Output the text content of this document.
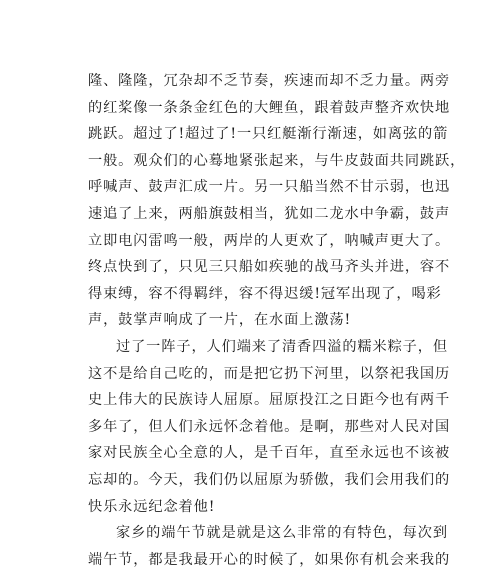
隆、隆隆，冗杂却不乏节奏，疾速而却不乏力量。两旁
的红桨像一条条金红色的大鲤鱼，跟着鼓声整齐欢快地
跳跃。超过了!超过了!一只红艇渐行渐速，如离弦的箭
一般。观众们的心蓦地紧张起来，与牛皮鼓面共同跳跃，
呼喊声、鼓声汇成一片。另一只船当然不甘示弱，也迅
速追了上来，两船旗鼓相当，犹如二龙水中争霸，鼓声
立即电闪雷鸣一般，两岸的人更欢了，呐喊声更大了。
终点快到了，只见三只船如疾驰的战马齐头并进，容不
得束缚，容不得羁绊，容不得迟缓!冠军出现了，喝彩
声，鼓掌声响成了一片，在水面上激荡!

过了一阵子，人们端来了清香四溢的糯米粽子，但
这不是给自己吃的，而是把它扔下河里，以祭祀我国历
史上伟大的民族诗人屈原。屈原投江之日距今也有两千
多年了，但人们永远怀念着他。是啊，那些对人民对国
家对民族全心全意的人，是千百年，直至永远也不该被
忘却的。今天，我们仍以屈原为骄傲，我们会用我们的
快乐永远纪念着他!

家乡的端午节就是就是这么非常的有特色，每次到
端午节，都是我最开心的时候了，如果你有机会来我的
